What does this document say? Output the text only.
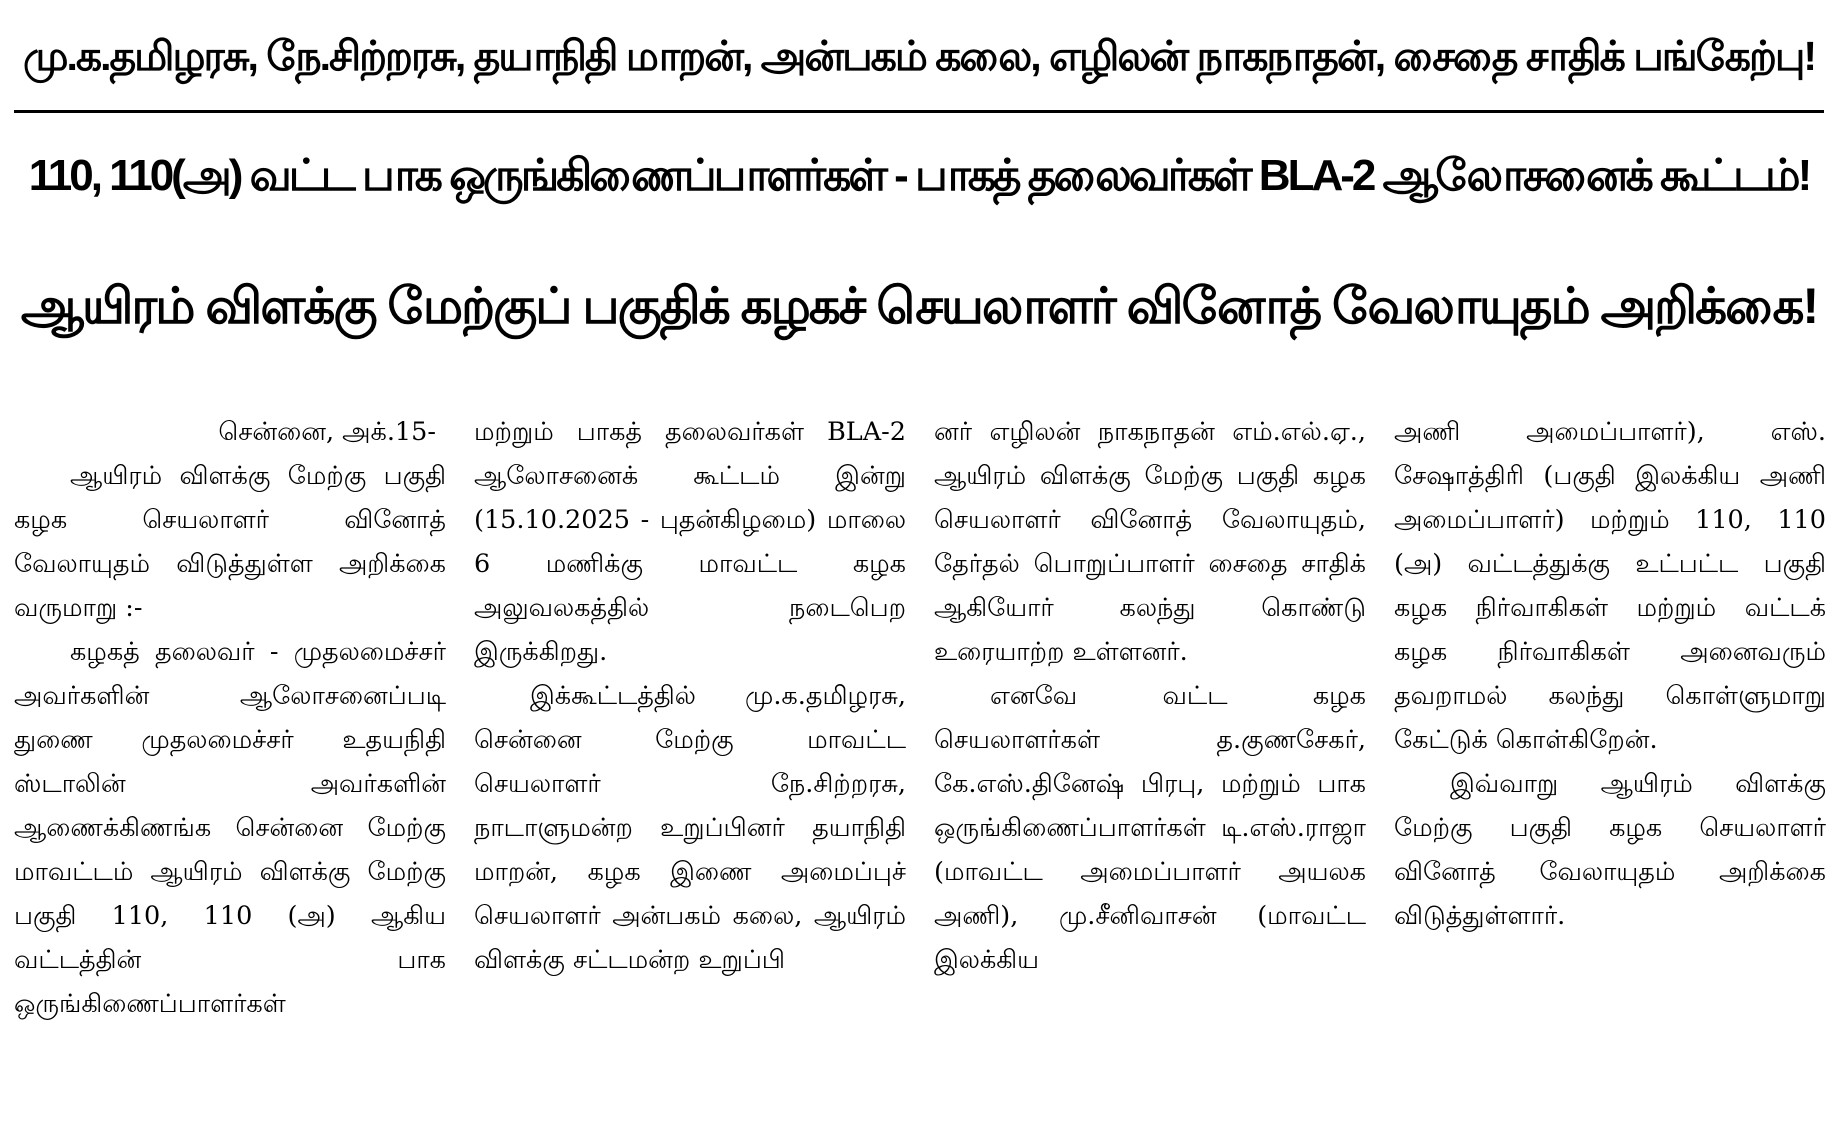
மு.க.தமிழரசு, நே.சிற்றரசு, தயாநிதி மாறன், அன்பகம் கலை, எழிலன் நாகநாதன், சைதை சாதிக் பங்கேற்பு!
110, 110(அ) வட்ட பாக ஒருங்கிணைப்பாளர்கள் - பாகத் தலைவர்கள் BLA-2 ஆலோசனைக் கூட்டம்!
ஆயிரம் விளக்கு மேற்குப் பகுதிக் கழகச் செயலாளர் வினோத் வேலாயுதம் அறிக்கை!

சென்னை, அக்.15-

ஆயிரம் விளக்கு மேற்கு பகுதி கழக செயலாளர் வினோத் வேலாயுதம் விடுத்துள்ள அறிக்கை வருமாறு :-

கழகத் தலைவர் - முதலமைச்சர் அவர்களின் ஆலோசனைப்படி துணை முதலமைச்சர் உதயநிதி ஸ்டாலின் அவர்களின் ஆணைக்கிணங்க சென்னை மேற்கு மாவட்டம் ஆயிரம் விளக்கு மேற்கு பகுதி 110, 110 (அ) ஆகிய வட்டத்தின் பாக ஒருங்கிணைப்பாளர்கள்

மற்றும் பாகத் தலைவர்கள் BLA-2 ஆலோசனைக் கூட்டம் இன்று (15.10.2025 - புதன்கிழமை) மாலை 6 மணிக்கு மாவட்ட கழக அலுவலகத்தில் நடைபெற இருக்கிறது.

இக்கூட்டத்தில் மு.க.தமிழரசு, சென்னை மேற்கு மாவட்ட செயலாளர் நே.சிற்றரசு, நாடாளுமன்ற உறுப்பினர் தயாநிதி மாறன், கழக இணை அமைப்புச் செயலாளர் அன்பகம் கலை, ஆயிரம் விளக்கு சட்டமன்ற உறுப்பி

னர் எழிலன் நாகநாதன் எம்.எல்.ஏ., ஆயிரம் விளக்கு மேற்கு பகுதி கழக செயலாளர் வினோத் வேலாயுதம், தேர்தல் பொறுப்பாளர் சைதை சாதிக் ஆகியோர் கலந்து கொண்டு உரையாற்ற உள்ளனர்.

எனவே வட்ட கழக செயலாளர்கள் த.குணசேகர், கே.எஸ்.தினேஷ் பிரபு, மற்றும் பாக ஒருங்கிணைப்பாளர்கள் டி.எஸ்.ராஜா (மாவட்ட அமைப்பாளர் அயலக அணி), மு.சீனிவாசன் (மாவட்ட இலக்கிய

அணி அமைப்பாளர்), எஸ். சேஷாத்திரி (பகுதி இலக்கிய அணி அமைப்பாளர்) மற்றும் 110, 110 (அ) வட்டத்துக்கு உட்பட்ட பகுதி கழக நிர்வாகிகள் மற்றும் வட்டக் கழக நிர்வாகிகள் அனைவரும் தவறாமல் கலந்து கொள்ளுமாறு கேட்டுக் கொள்கிறேன்.

இவ்வாறு ஆயிரம் விளக்கு மேற்கு பகுதி கழக செயலாளர் வினோத் வேலாயுதம் அறிக்கை விடுத்துள்ளார்.
